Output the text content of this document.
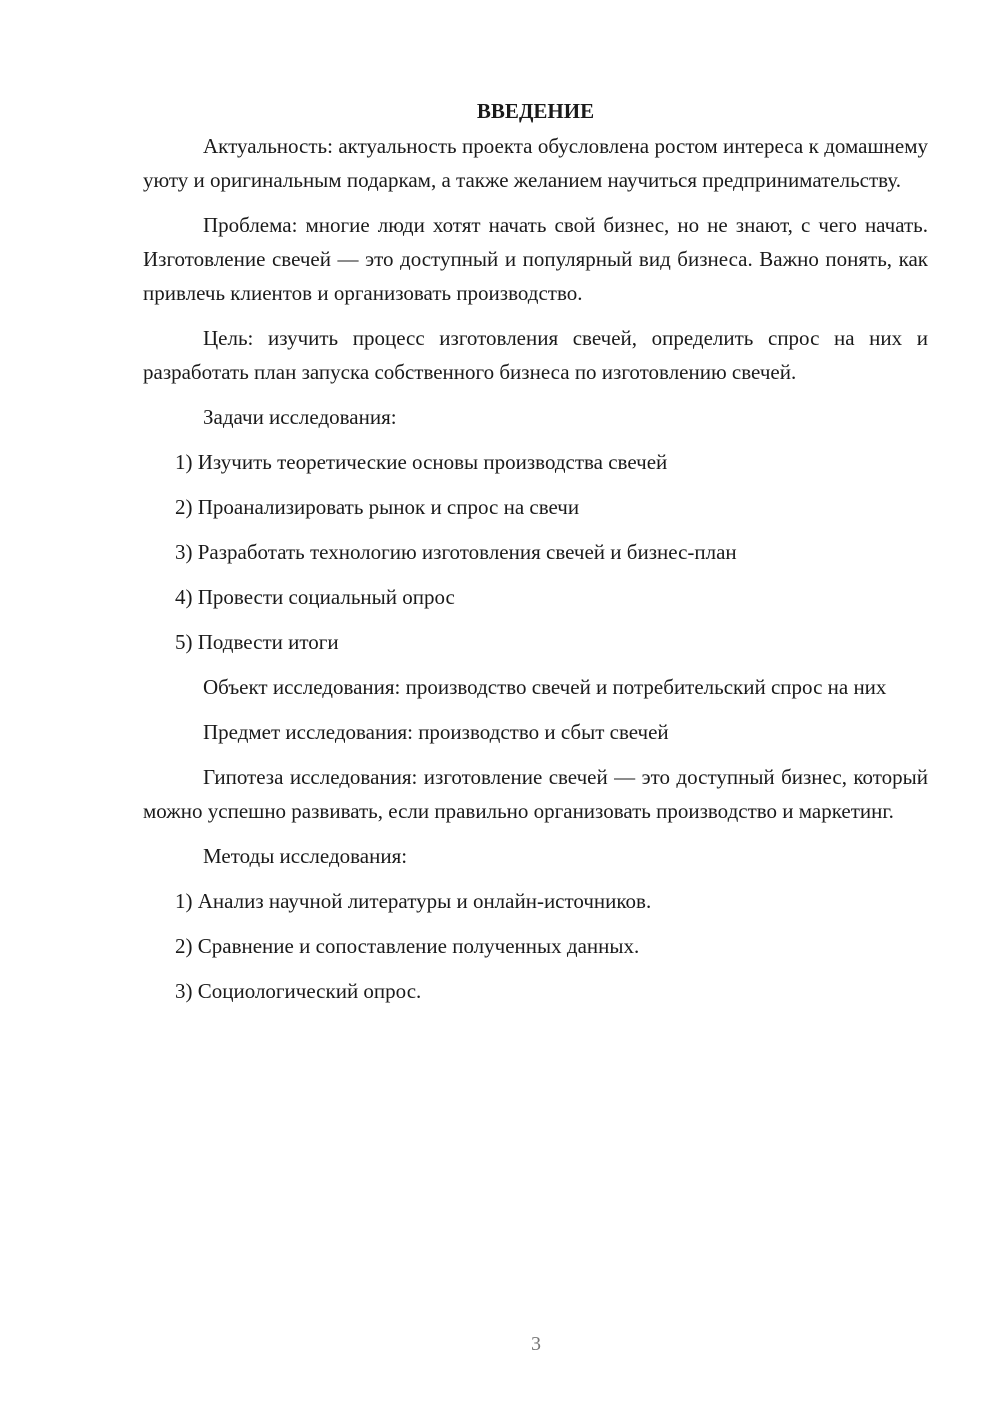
ВВЕДЕНИЕ

Актуальность: актуальность проекта обусловлена ростом интереса к домашнему уюту и оригинальным подаркам, а также желанием научиться предпринимательству.

Проблема: многие люди хотят начать свой бизнес, но не знают, с чего начать. Изготовление свечей — это доступный и популярный вид бизнеса. Важно понять, как привлечь клиентов и организовать производство.

Цель: изучить процесс изготовления свечей, определить спрос на них и разработать план запуска собственного бизнеса по изготовлению свечей.

Задачи исследования:

1) Изучить теоретические основы производства свечей
2) Проанализировать рынок и спрос на свечи
3) Разработать технологию изготовления свечей и бизнес-план
4) Провести социальный опрос
5) Подвести итоги

Объект исследования: производство свечей и потребительский спрос на них

Предмет исследования: производство и сбыт свечей

Гипотеза исследования: изготовление свечей — это доступный бизнес, который можно успешно развивать, если правильно организовать производство и маркетинг.

Методы исследования:

1) Анализ научной литературы и онлайн-источников.
2) Сравнение и сопоставление полученных данных.
3) Социологический опрос.
3
